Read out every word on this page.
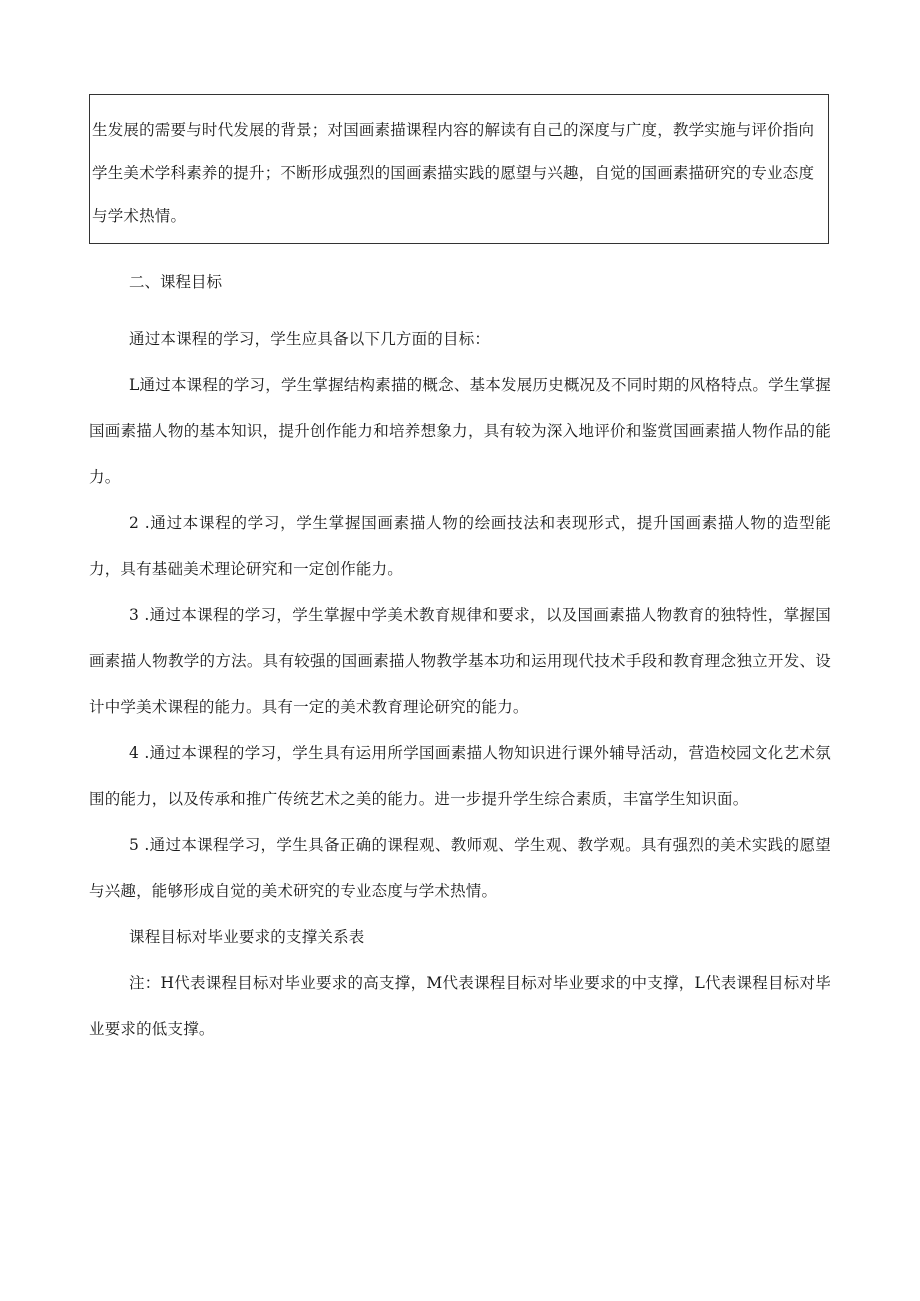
生发展的需要与时代发展的背景；对国画素描课程内容的解读有自己的深度与广度，教学实施与评价指向学生美术学科素养的提升；不断形成强烈的国画素描实践的愿望与兴趣，自觉的国画素描研究的专业态度与学术热情。

二、课程目标

通过本课程的学习，学生应具备以下几方面的目标：

L通过本课程的学习，学生掌握结构素描的概念、基本发展历史概况及不同时期的风格特点。学生掌握国画素描人物的基本知识，提升创作能力和培养想象力，具有较为深入地评价和鉴赏国画素描人物作品的能力。

2 .通过本课程的学习，学生掌握国画素描人物的绘画技法和表现形式，提升国画素描人物的造型能力，具有基础美术理论研究和一定创作能力。

3 .通过本课程的学习，学生掌握中学美术教育规律和要求，以及国画素描人物教育的独特性，掌握国画素描人物教学的方法。具有较强的国画素描人物教学基本功和运用现代技术手段和教育理念独立开发、设计中学美术课程的能力。具有一定的美术教育理论研究的能力。

4 .通过本课程的学习，学生具有运用所学国画素描人物知识进行课外辅导活动，营造校园文化艺术氛围的能力，以及传承和推广传统艺术之美的能力。进一步提升学生综合素质，丰富学生知识面。

5 .通过本课程学习，学生具备正确的课程观、教师观、学生观、教学观。具有强烈的美术实践的愿望与兴趣，能够形成自觉的美术研究的专业态度与学术热情。

课程目标对毕业要求的支撑关系表

注：H代表课程目标对毕业要求的高支撑，M代表课程目标对毕业要求的中支撑，L代表课程目标对毕业要求的低支撑。
